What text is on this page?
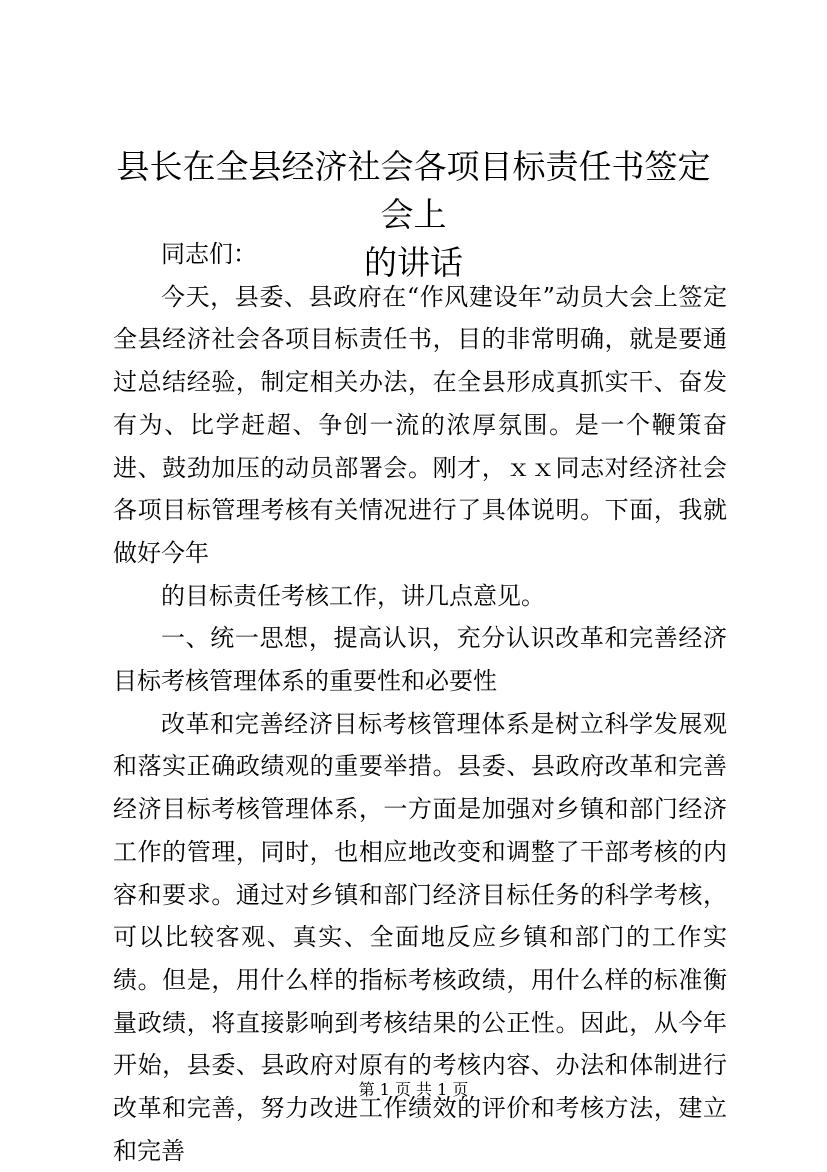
县长在全县经济社会各项目标责任书签定会上
的讲话

同志们：

今天，县委、县政府在“作风建设年”动员大会上签定全县经济社会各项目标责任书，目的非常明确，就是要通过总结经验，制定相关办法，在全县形成真抓实干、奋发有为、比学赶超、争创一流的浓厚氛围。是一个鞭策奋进、鼓劲加压的动员部署会。刚才，ｘｘ同志对经济社会各项目标管理考核有关情况进行了具体说明。下面，我就做好今年

的目标责任考核工作，讲几点意见。

一、统一思想，提高认识，充分认识改革和完善经济目标考核管理体系的重要性和必要性

改革和完善经济目标考核管理体系是树立科学发展观和落实正确政绩观的重要举措。县委、县政府改革和完善经济目标考核管理体系，一方面是加强对乡镇和部门经济工作的管理，同时，也相应地改变和调整了干部考核的内容和要求。通过对乡镇和部门经济目标任务的科学考核，可以比较客观、真实、全面地反应乡镇和部门的工作实绩。但是，用什么样的指标考核政绩，用什么样的标准衡量政绩，将直接影响到考核结果的公正性。因此，从今年开始，县委、县政府对原有的考核内容、办法和体制进行改革和完善，努力改进工作绩效的评价和考核方法，建立和完善

第 1 页 共 1 页
